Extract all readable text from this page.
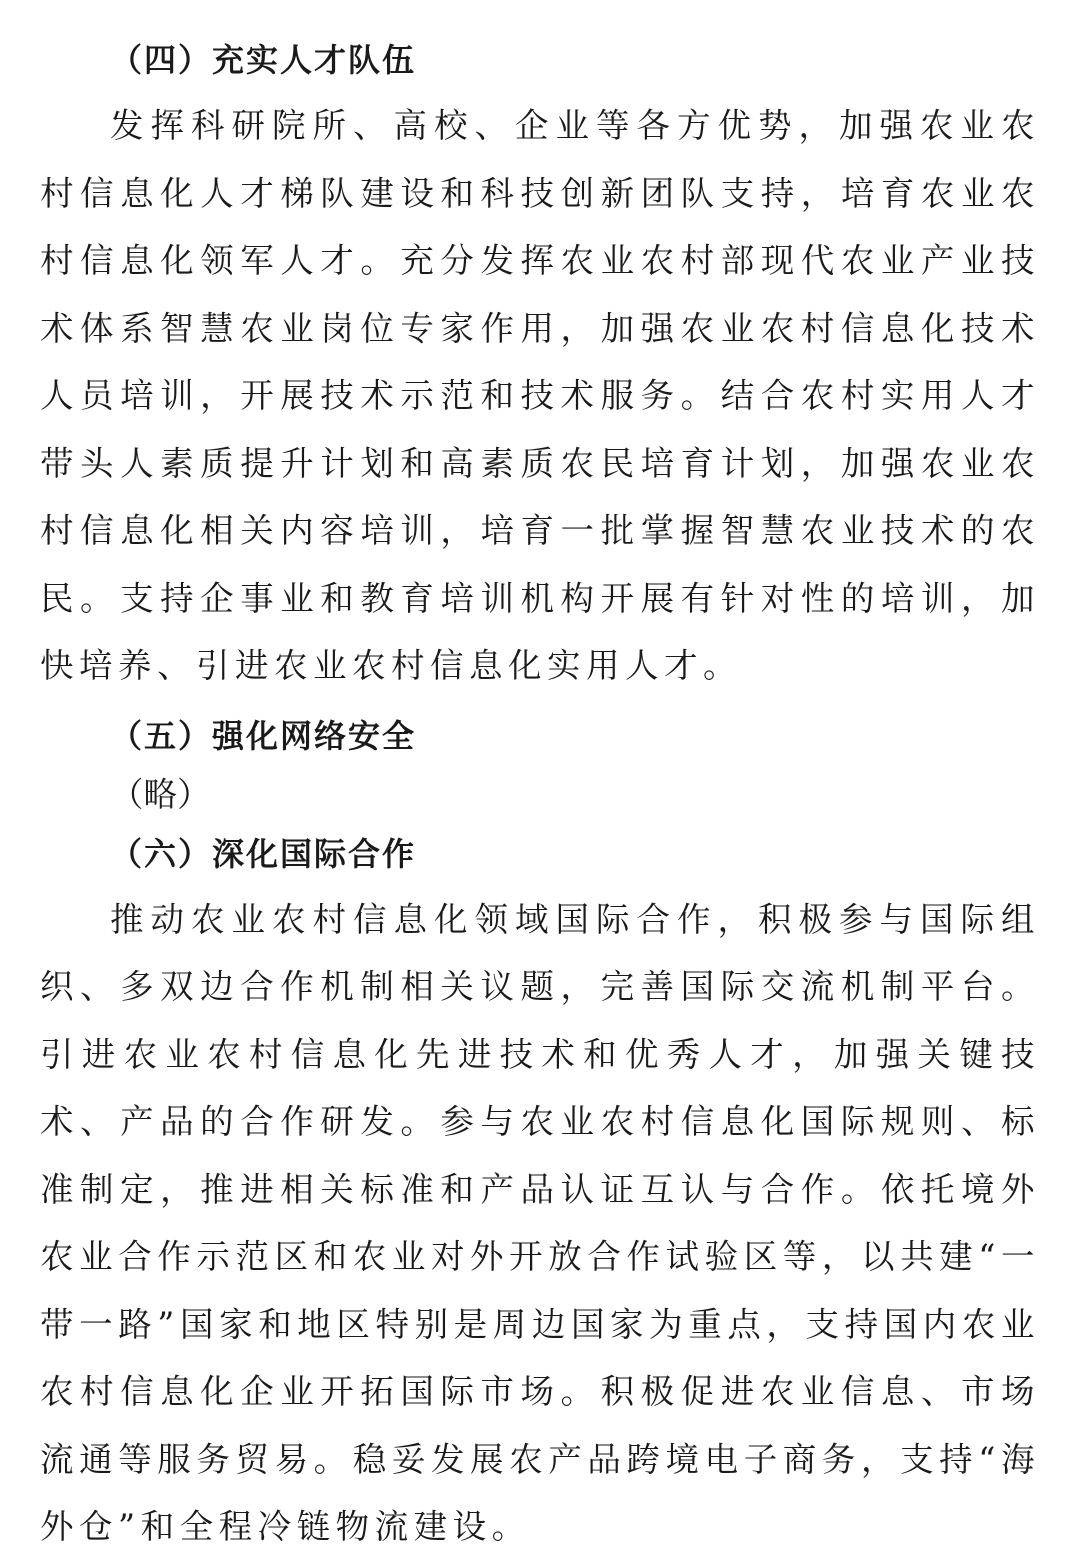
（四）充实人才队伍

发挥科研院所、高校、企业等各方优势，加强农业农村信息化人才梯队建设和科技创新团队支持，培育农业农村信息化领军人才。充分发挥农业农村部现代农业产业技术体系智慧农业岗位专家作用，加强农业农村信息化技术人员培训，开展技术示范和技术服务。结合农村实用人才带头人素质提升计划和高素质农民培育计划，加强农业农村信息化相关内容培训，培育一批掌握智慧农业技术的农民。支持企事业和教育培训机构开展有针对性的培训，加快培养、引进农业农村信息化实用人才。

（五）强化网络安全

（略）

（六）深化国际合作

推动农业农村信息化领域国际合作，积极参与国际组织、多双边合作机制相关议题，完善国际交流机制平台。引进农业农村信息化先进技术和优秀人才，加强关键技术、产品的合作研发。参与农业农村信息化国际规则、标准制定，推进相关标准和产品认证互认与合作。依托境外农业合作示范区和农业对外开放合作试验区等，以共建“一带一路”国家和地区特别是周边国家为重点，支持国内农业农村信息化企业开拓国际市场。积极促进农业信息、市场流通等服务贸易。稳妥发展农产品跨境电子商务，支持“海外仓”和全程冷链物流建设。
